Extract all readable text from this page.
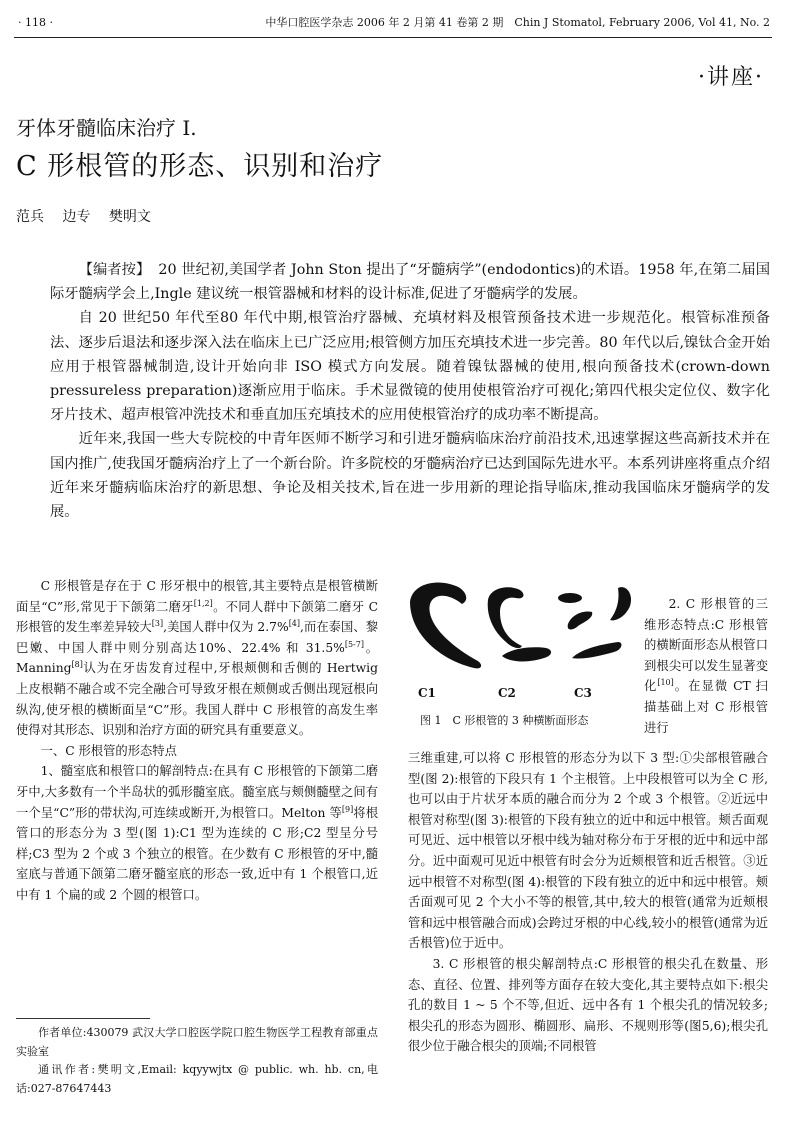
· 118 ·	中华口腔医学杂志 2006 年 2 月第 41 卷第 2 期　Chin J Stomatol, February 2006, Vol 41, No. 2
·讲座·
牙体牙髓临床治疗 Ⅰ.
C 形根管的形态、识别和治疗
范兵 边专 樊明文

【编者按】 20 世纪初,美国学者 John Ston 提出了“牙髓病学”(endodontics)的术语。1958 年,在第二届国际牙髓病学会上,Ingle 建议统一根管器械和材料的设计标准,促进了牙髓病学的发展。

自 20 世纪50 年代至80 年代中期,根管治疗器械、充填材料及根管预备技术进一步规范化。根管标准预备法、逐步后退法和逐步深入法在临床上已广泛应用;根管侧方加压充填技术进一步完善。80 年代以后,镍钛合金开始应用于根管器械制造,设计开始向非 ISO 模式方向发展。随着镍钛器械的使用,根向预备技术(crown-down pressureless preparation)逐渐应用于临床。手术显微镜的使用使根管治疗可视化;第四代根尖定位仪、数字化牙片技术、超声根管冲洗技术和垂直加压充填技术的应用使根管治疗的成功率不断提高。

近年来,我国一些大专院校的中青年医师不断学习和引进牙髓病临床治疗前沿技术,迅速掌握这些高新技术并在国内推广,使我国牙髓病治疗上了一个新台阶。许多院校的牙髓病治疗已达到国际先进水平。本系列讲座将重点介绍近年来牙髓病临床治疗的新思想、争论及相关技术,旨在进一步用新的理论指导临床,推动我国临床牙髓病学的发展。

C 形根管是存在于 C 形牙根中的根管,其主要特点是根管横断面呈“C”形,常见于下颌第二磨牙[1,2]。不同人群中下颌第二磨牙 C 形根管的发生率差异较大[3],美国人群中仅为 2.7%[4],而在泰国、黎巴嫩、中国人群中则分别高达10%、22.4% 和 31.5%[5-7]。Manning[8]认为在牙齿发育过程中,牙根颊侧和舌侧的 Hertwig 上皮根鞘不融合或不完全融合可导致牙根在颊侧或舌侧出现冠根向纵沟,使牙根的横断面呈“C”形。我国人群中 C 形根管的高发生率使得对其形态、识别和治疗方面的研究具有重要意义。

一、C 形根管的形态特点

1、髓室底和根管口的解剖特点:在具有 C 形根管的下颌第二磨牙中,大多数有一个半岛状的弧形髓室底。髓室底与颊侧髓壁之间有一个呈“C”形的带状沟,可连续或断开,为根管口。Melton 等[9]将根管口的形态分为 3 型(图 1):C1 型为连续的 C 形;C2 型呈分号样;C3 型为 2 个或 3 个独立的根管。在少数有 C 形根管的牙中,髓室底与普通下颌第二磨牙髓室底的形态一致,近中有 1 个根管口,近中有 1 个扁的或 2 个圆的根管口。

C1	C2	C3
图 1　C 形根管的 3 种横断面形态

2. C 形根管的三维形态特点:C 形根管的横断面形态从根管口到根尖可以发生显著变化[10]。在显微 CT 扫描基础上对 C 形根管进行

三维重建,可以将 C 形根管的形态分为以下 3 型:①尖部根管融合型(图 2):根管的下段只有 1 个主根管。上中段根管可以为全 C 形,也可以由于片状牙本质的融合而分为 2 个或 3 个根管。②近远中根管对称型(图 3):根管的下段有独立的近中和远中根管。颊舌面观可见近、远中根管以牙根中线为轴对称分布于牙根的近中和远中部分。近中面观可见近中根管有时会分为近颊根管和近舌根管。③近远中根管不对称型(图 4):根管的下段有独立的近中和远中根管。颊舌面观可见 2 个大小不等的根管,其中,较大的根管(通常为近颊根管和远中根管融合而成)会跨过牙根的中心线,较小的根管(通常为近舌根管)位于近中。

3. C 形根管的根尖解剖特点:C 形根管的根尖孔在数量、形态、直径、位置、排列等方面存在较大变化,其主要特点如下:根尖孔的数目 1 ~ 5 个不等,但近、远中各有 1 个根尖孔的情况较多;根尖孔的形态为圆形、椭圆形、扁形、不规则形等(图5,6);根尖孔很少位于融合根尖的顶端;不同根管

作者单位:430079 武汉大学口腔医学院口腔生物医学工程教育部重点实验室

通讯作者:樊明文,Email: kqyywjtx @ public. wh. hb. cn,电话:027-87647443
